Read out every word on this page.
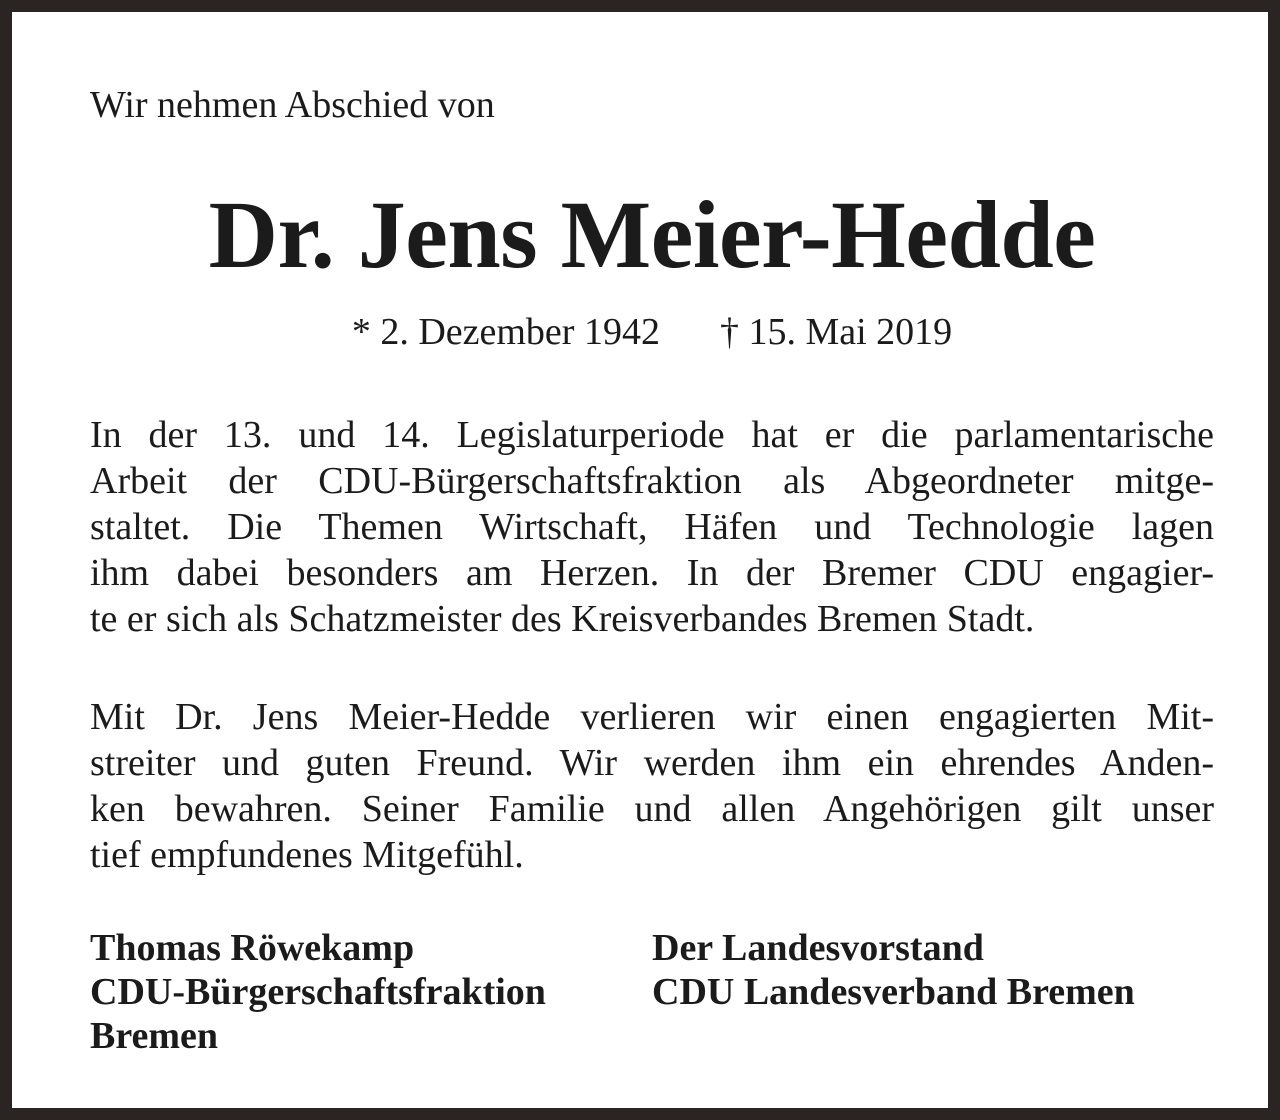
Wir nehmen Abschied von
Dr. Jens Meier-Hedde
* 2. Dezember 1942 † 15. Mai 2019
In der 13. und 14. Legislaturperiode hat er die parlamentarische
Arbeit der CDU-Bürgerschaftsfraktion als Abgeordneter mitge-
staltet. Die Themen Wirtschaft, Häfen und Technologie lagen
ihm dabei besonders am Herzen. In der Bremer CDU engagier-
te er sich als Schatzmeister des Kreisverbandes Bremen Stadt.
Mit Dr. Jens Meier-Hedde verlieren wir einen engagierten Mit-
streiter und guten Freund. Wir werden ihm ein ehrendes Anden-
ken bewahren. Seiner Familie und allen Angehörigen gilt unser
tief empfundenes Mitgefühl.
Thomas Röwekamp
CDU-Bürgerschaftsfraktion
Bremen
Der Landesvorstand
CDU Landesverband Bremen
